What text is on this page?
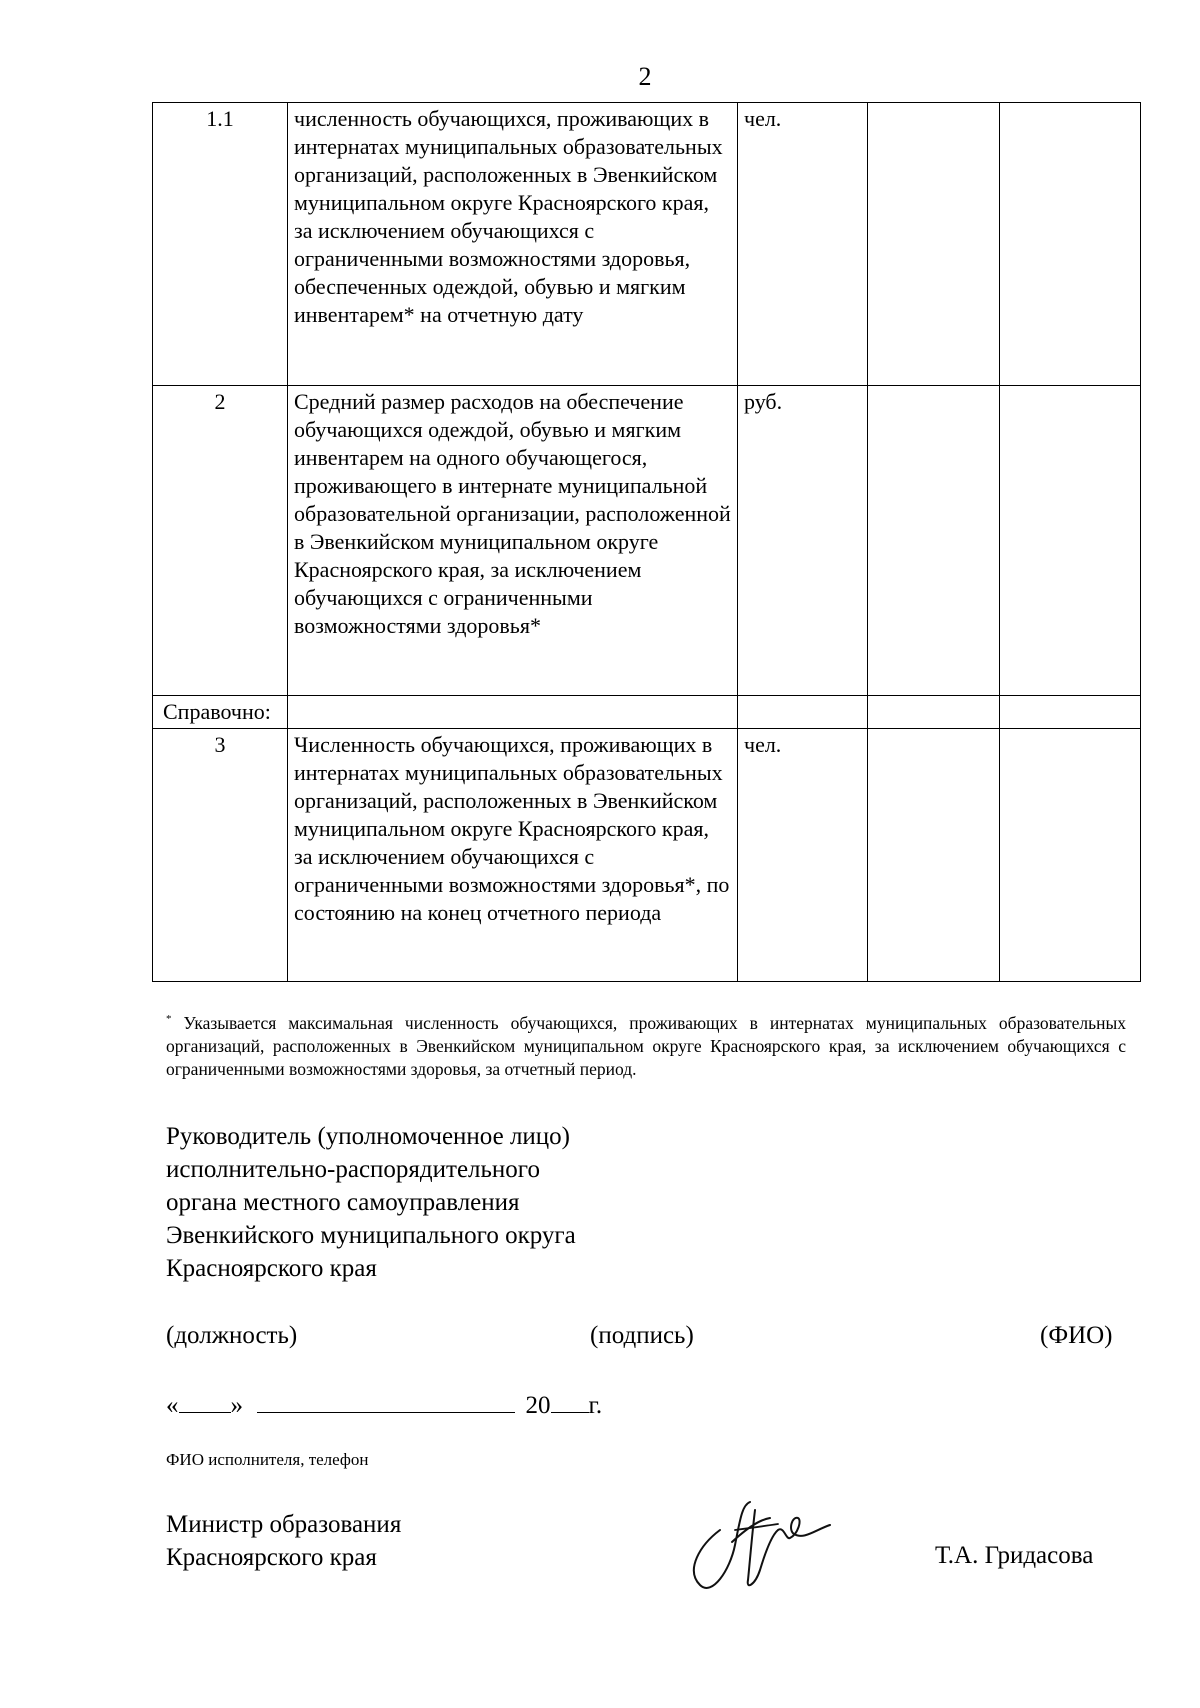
2
1.1	численность обучающихся, проживающих в интернатах муниципальных образовательных организаций, расположенных в Эвенкийском муниципальном округе Красноярского края, за исключением обучающихся с ограниченными возможностями здоровья, обеспеченных одеждой, обувью и мягким инвентарем* на отчетную дату	чел.		
2	Средний размер расходов на обеспечение обучающихся одеждой, обувью и мягким инвентарем на одного обучающегося, проживающего в интернате муниципальной образовательной организации, расположенной в Эвенкийском муниципальном округе Красноярского края, за исключением обучающихся с ограниченными возможностями здоровья*	руб.		
Справочно:				
3	Численность обучающихся, проживающих в интернатах муниципальных образовательных организаций, расположенных в Эвенкийском муниципальном округе Красноярского края, за исключением обучающихся с ограниченными возможностями здоровья*, по состоянию на конец отчетного периода	чел.		
* Указывается максимальная численность обучающихся, проживающих в интернатах муниципальных образовательных организаций, расположенных в Эвенкийском муниципальном округе Красноярского края, за исключением обучающихся с ограниченными возможностями здоровья, за отчетный период.
Руководитель (уполномоченное лицо)
исполнительно-распорядительного
органа местного самоуправления
Эвенкийского муниципального округа
Красноярского края
(должность)	(подпись)	(ФИО)
« »	20 г.
ФИО исполнителя, телефон
Министр образования
Красноярского края	Т.А. Гридасова
